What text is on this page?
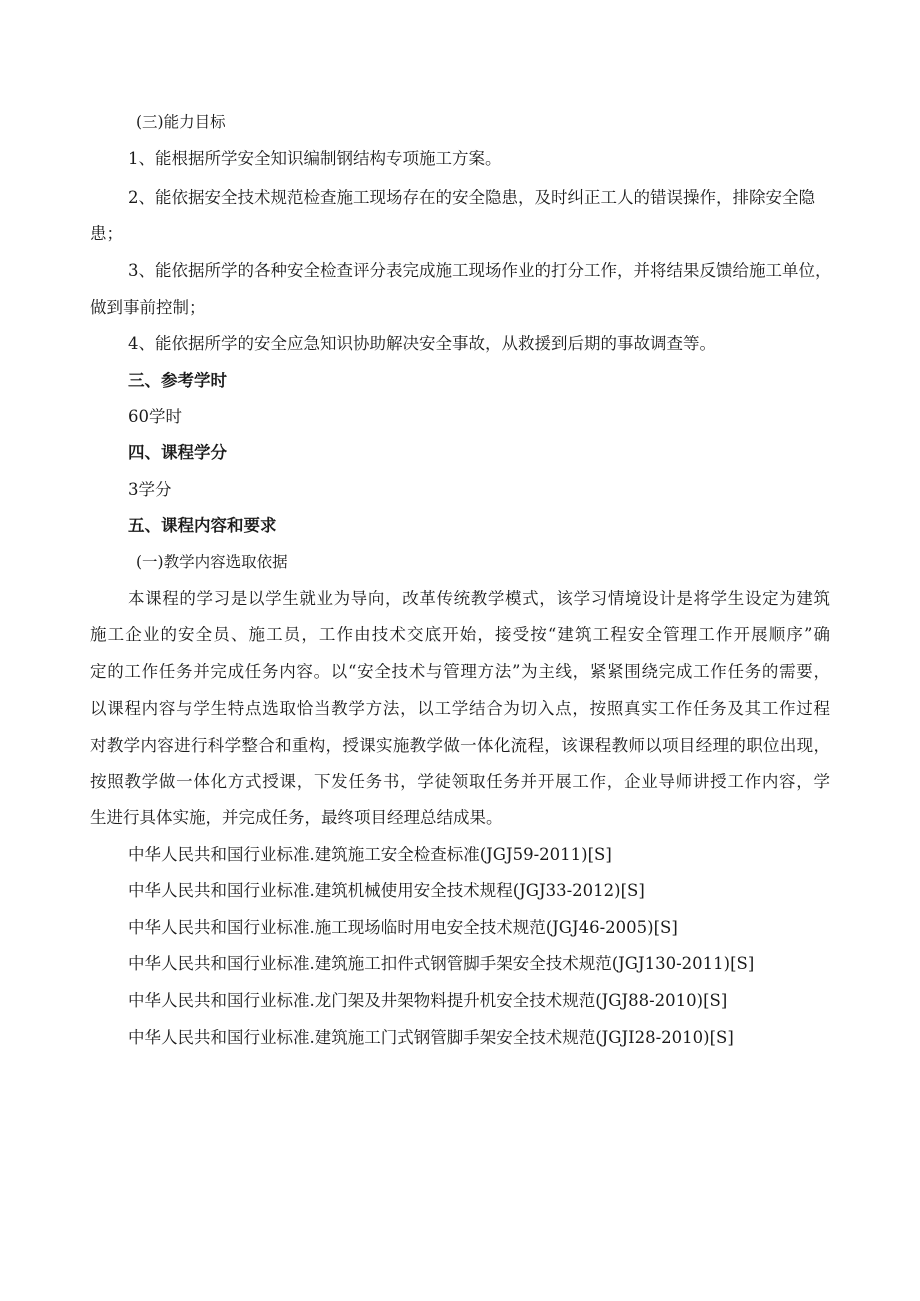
(三)能力目标
1、能根据所学安全知识编制钢结构专项施工方案。
2、能依据安全技术规范检查施工现场存在的安全隐患，及时纠正工人的错误操作，排除安全隐
患；
3、能依据所学的各种安全检查评分表完成施工现场作业的打分工作，并将结果反馈给施工单位，
做到事前控制；
4、能依据所学的安全应急知识协助解决安全事故，从救援到后期的事故调查等。
三、参考学时
60学时
四、课程学分
3学分
五、课程内容和要求
(一)教学内容选取依据
本课程的学习是以学生就业为导向，改革传统教学模式，该学习情境设计是将学生设定为建筑
施工企业的安全员、施工员，工作由技术交底开始，接受按“建筑工程安全管理工作开展顺序”确
定的工作任务并完成任务内容。以“安全技术与管理方法”为主线，紧紧围绕完成工作任务的需要，
以课程内容与学生特点选取恰当教学方法，以工学结合为切入点，按照真实工作任务及其工作过程
对教学内容进行科学整合和重构，授课实施教学做一体化流程，该课程教师以项目经理的职位出现，
按照教学做一体化方式授课，下发任务书，学徒领取任务并开展工作，企业导师讲授工作内容，学
生进行具体实施，并完成任务，最终项目经理总结成果。
中华人民共和国行业标准.建筑施工安全检查标准(JGJ59-2011)[S]
中华人民共和国行业标准.建筑机械使用安全技术规程(JGJ33-2012)[S]
中华人民共和国行业标准.施工现场临时用电安全技术规范(JGJ46-2005)[S]
中华人民共和国行业标准.建筑施工扣件式钢管脚手架安全技术规范(JGJ130-2011)[S]
中华人民共和国行业标准.龙门架及井架物料提升机安全技术规范(JGJ88-2010)[S]
中华人民共和国行业标准.建筑施工门式钢管脚手架安全技术规范(JGJI28-2010)[S]
